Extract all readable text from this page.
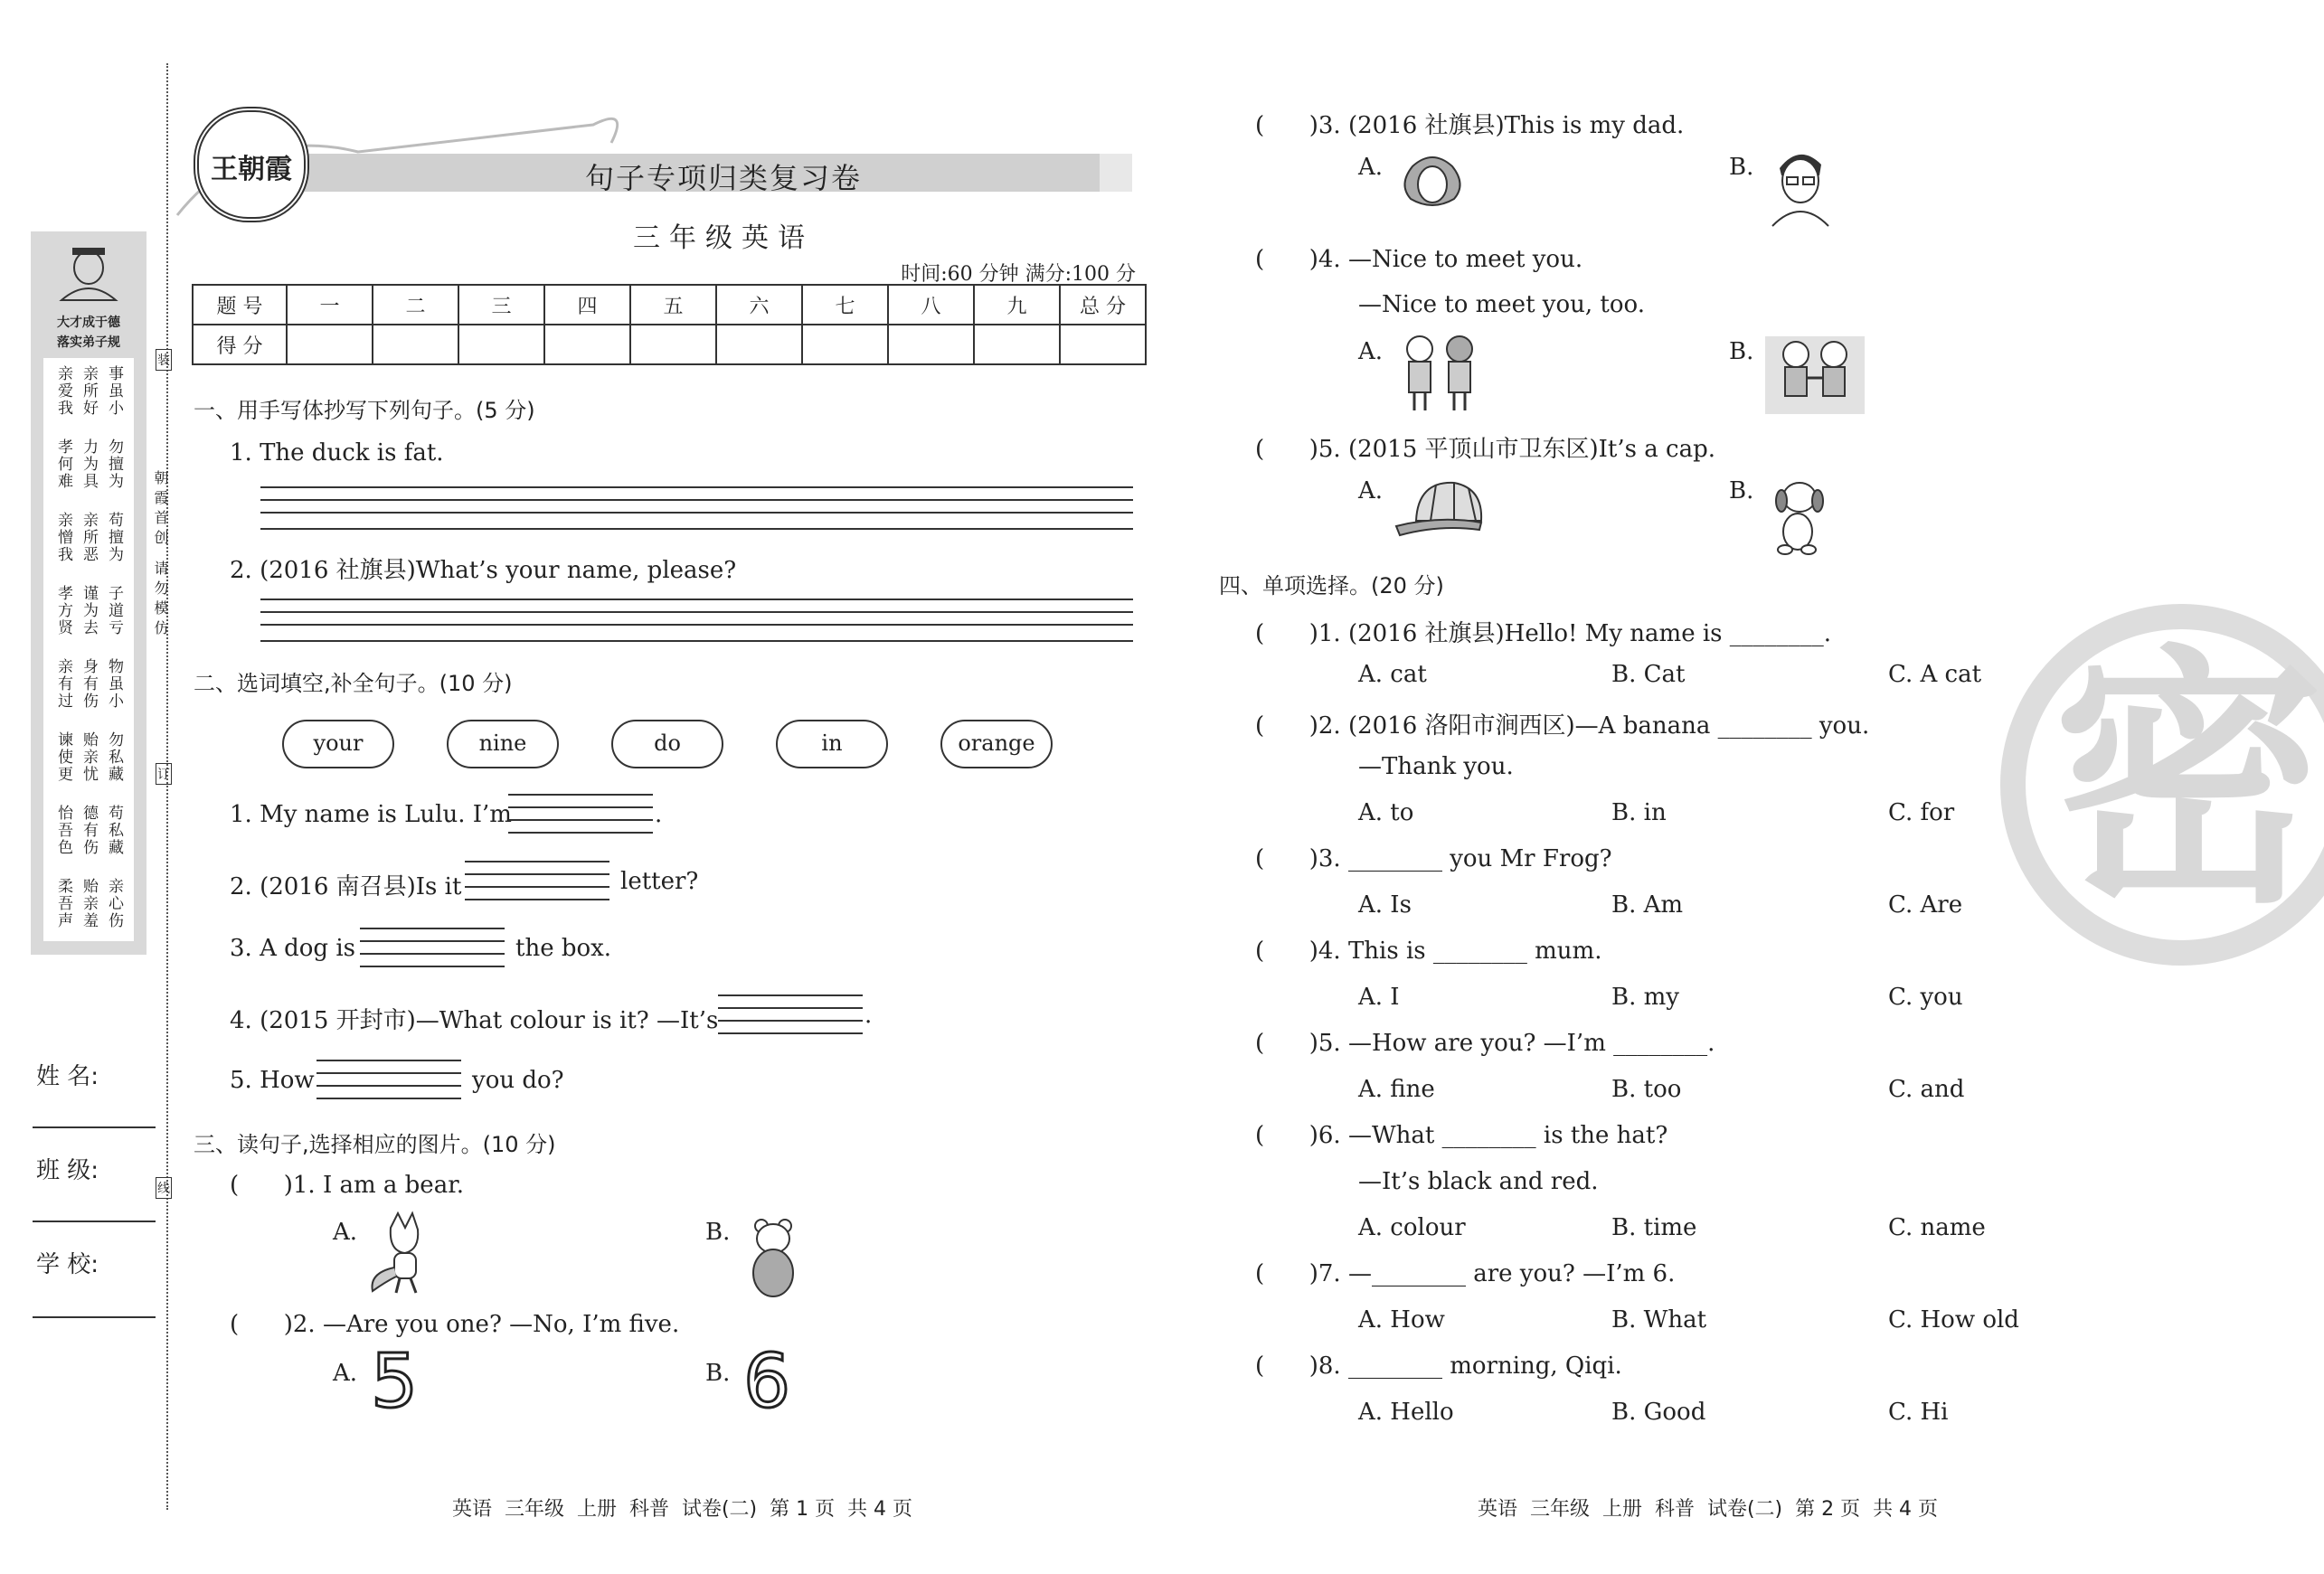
大才成于德
落实弟子规
亲爱我 亲所好 事虽小
孝何难 力为具 勿擅为
亲憎我 亲所恶 苟擅为
孝方贤 谨为去 子道亏
亲有过 身有伤 物虽小
谏使更 贻亲忧 勿私藏
怡吾色 德有伤 苟私藏
柔吾声 贻亲羞 亲心伤
姓 名:
班 级:
学 校:
朝霞首创
请勿模仿
装
订
线
王朝霞	句子专项归类复习卷
三年级英语
时间:60 分钟 满分:100 分
题 号	一	二	三	四	五	六	七	八	九	总 分
得 分										
一、用手写体抄写下列句子。(5 分)
1. The duck is fat.
2. (2016 社旗县)What’s your name, please?
二、选词填空,补全句子。(10 分)
your	nine	do	in	orange
1. My name is Lulu. I’m	.
2. (2016 南召县)Is it	letter?
3. A dog is	the box.
4. (2015 开封市)—What colour is it? —It’s	.
5. How	you do?
三、读句子,选择相应的图片。(10 分)
(      )1. I am a bear.
A.	B.
(      )2. —Are you one? —No, I’m five.
A. 5	B. 6
英语  三年级  上册  科普  试卷(二)  第 1 页  共 4 页
(      )3. (2016 社旗县)This is my dad.
A.	B.
(      )4. —Nice to meet you.
—Nice to meet you, too.
A.	B.
(      )5. (2015 平顶山市卫东区)It’s a cap.
A.	B.
四、单项选择。(20 分)
(      )1. (2016 社旗县)Hello! My name is ________.
A. cat	B. Cat	C. A cat
(      )2. (2016 洛阳市涧西区)—A banana ________ you.
—Thank you.
A. to	B. in	C. for
(      )3. ________ you Mr Frog?
A. Is	B. Am	C. Are
(      )4. This is ________ mum.
A. I	B. my	C. you
(      )5. —How are you? —I’m ________.
A. fine	B. too	C. and
(      )6. —What ________ is the hat?
—It’s black and red.
A. colour	B. time	C. name
(      )7. —________ are you? —I’m 6.
A. How	B. What	C. How old
(      )8. ________ morning, Qiqi.
A. Hello	B. Good	C. Hi
密
英语  三年级  上册  科普  试卷(二)  第 2 页  共 4 页
